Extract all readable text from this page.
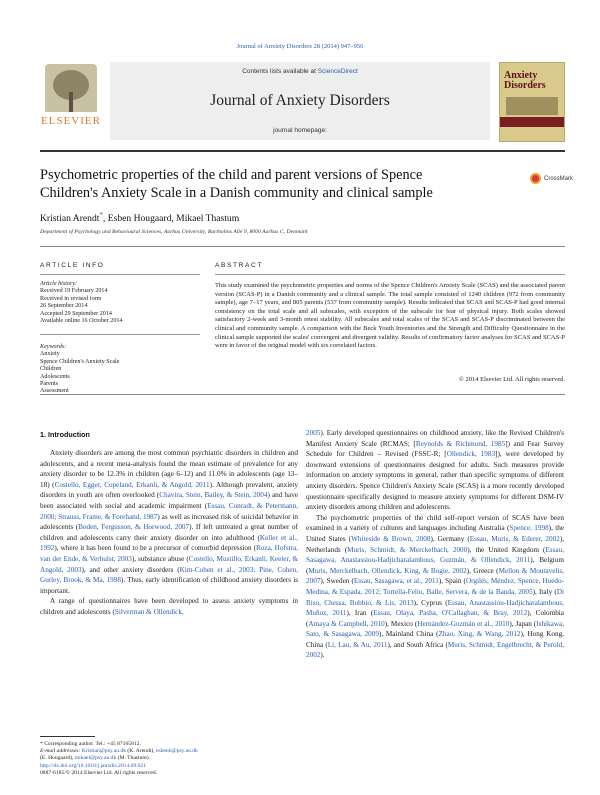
Journal of Anxiety Disorders 28 (2014) 947–956
ELSEVIER
Contents lists available at ScienceDirect
Journal of Anxiety Disorders
journal homepage:
Anxiety Disorders
Psychometric properties of the child and parent versions of Spence Children's Anxiety Scale in a Danish community and clinical sample
CrossMark
Kristian Arendt*, Esben Hougaard, Mikael Thastum
Department of Psychology and Behavioural Sciences, Aarhus University, Bartholins Allé 9, 8000 Aarhus C, Denmark
ARTICLE INFO	ABSTRACT
Article history:
Received 19 February 2014
Received in revised form
26 September 2014
Accepted 29 September 2014
Available online 16 October 2014
Keywords:
Anxiety
Spence Children's Anxiety Scale
Children
Adolescents
Parents
Assessment
This study examined the psychometric properties and norms of the Spence Children's Anxiety Scale (SCAS) and the associated parent version (SCAS-P) in a Danish community and a clinical sample. The total sample consisted of 1240 children (972 from community sample), age 7–17 years, and 805 parents (537 from community sample). Results indicated that SCAS and SCAS-P had good internal consistency on the total scale and all subscales, with exception of the subscale for fear of physical injury. Both scales showed satisfactory 2-week and 3-month retest stability. All subscales and total scales of the SCAS and SCAS-P discriminated between the clinical and community sample. A comparison with the Beck Youth Inventories and the Strength and Difficulty Questionnaire in the clinical sample supported the scales' convergent and divergent validity. Results of confirmatory factor analyses for SCAS and SCAS-P were in favor of the original model with six correlated factors.
© 2014 Elsevier Ltd. All rights reserved.
1. Introduction

Anxiety disorders are among the most common psychiatric disorders in children and adolescents, and a recent meta-analysis found the mean estimate of prevalence for any anxiety disorder to be 12.3% in children (age 6–12) and 11.0% in adolescents (age 13–18) (Costello, Egger, Copeland, Erkanli, & Angold, 2011). Although prevalent, anxiety disorders in youth are often overlooked (Chavira, Stein, Bailey, & Stein, 2004) and have been associated with social and academic impairment (Essau, Conradt, & Petermann, 2000; Strauss, Frame, & Forehand, 1987) as well as increased risk of suicidal behavior in adolescents (Boden, Fergusson, & Horwood, 2007). If left untreated a great number of children and adolescents carry their anxiety disorder on into adulthood (Keller et al., 1992), where it has been found to be a precursor of comorbid depression (Roza, Hofstra, van der Ende, & Verhulst, 2003), substance abuse (Costello, Mustillo, Erkanli, Keeler, & Angold, 2003), and other anxiety disorders (Kim-Cohen et al., 2003; Pine, Cohen, Gurley, Brook, & Ma, 1998). Thus, early identification of childhood anxiety disorders is important.

A range of questionnaires have been developed to assess anxiety symptoms in children and adolescents (Silverman & Ollendick,

2005). Early developed questionnaires on childhood anxiety, like the Revised Children's Manifest Anxiety Scale (RCMAS; [Reynolds & Richmond, 1985]) and Fear Survey Schedule for Children – Revised (FSSC-R; [Ollendick, 1983]), were developed by downward extensions of questionnaires designed for adults. Such measures provide information on anxiety symptoms in general, rather than specific symptoms of different anxiety disorders. Spence Children's Anxiety Scale (SCAS) is a more recently developed questionnaire specifically designed to measure anxiety symptoms for different DSM-IV anxiety disorders among children and adolescents.

The psychometric properties of the child self-report version of SCAS have been examined in a variety of cultures and languages including Australia (Spence, 1998), the United States (Whiteside & Brown, 2008), Germany (Essau, Muris, & Ederer, 2002), Netherlands (Muris, Schmidt, & Merckelbach, 2000), the United Kingdom (Essau, Sasagawa, Anastassiou-Hadjicharalambous, Guzmán, & Ollendick, 2011), Belgium (Muris, Merckelbach, Ollendick, King, & Bogie, 2002), Greece (Mellon & Moutavelis, 2007), Sweden (Essau, Sasagawa, et al., 2011), Spain (Orgilés, Méndez, Spence, Huedo-Medina, & Espada, 2012; Tortella-Feliu, Balle, Servera, & de la Banda, 2005), Italy (Di Riso, Chessa, Bobbio, & Lis, 2013), Cyprus (Essau, Anastassiou-Hadjicharalambous, Muñoz, 2011), Iran (Essau, Olaya, Pasha, O'Callaghan, & Bray, 2012), Colombia (Amaya & Campbell, 2010), Mexico (Hernández-Guzmán et al., 2010), Japan (Ishikawa, Sato, & Sasagawa, 2009), Mainland China (Zhao, Xing, & Wang, 2012), Hong Kong, China (Li, Lau, & Au, 2011), and South Africa (Muris, Schmidt, Engelbrecht, & Perold, 2002).

* Corresponding author. Tel.: +45 87165812.
E-mail addresses: Kristian@psy.au.dk (K. Arendt), esbenh@psy.au.dk
(E. Hougaard), mikael@psy.au.dk (M. Thastum).
http://dx.doi.org/10.1016/j.janxdis.2014.09.021
0887-6185/© 2014 Elsevier Ltd. All rights reserved.
